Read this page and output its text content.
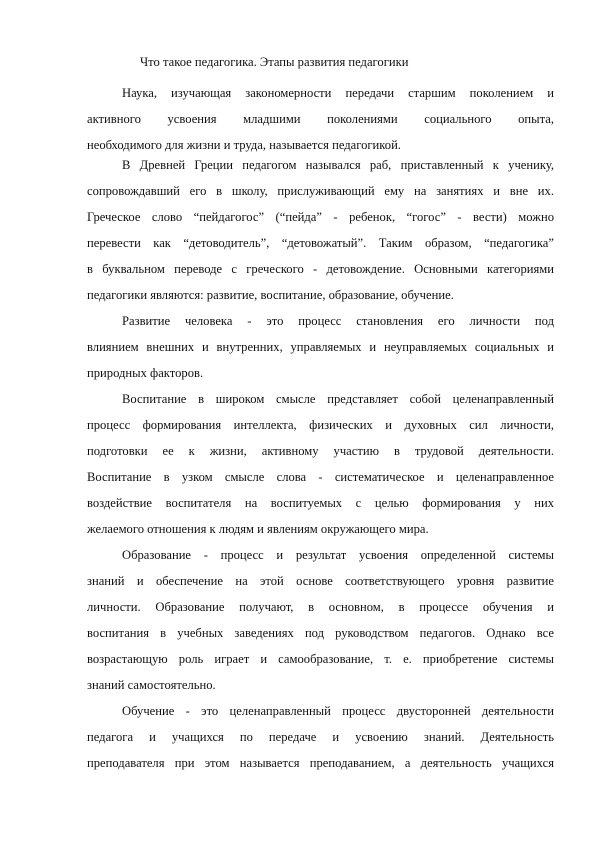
Что такое педагогика. Этапы развития педагогики
Наука, изучающая закономерности передачи старшим поколением и
активного усвоения младшими поколениями социального опыта,
необходимого для жизни и труда, называется педагогикой.
В Древней Греции педагогом назывался раб, приставленный к ученику,
сопровождавший его в школу, прислуживающий ему на занятиях и вне их.
Греческое слово “пейдагогос” (“пейда” - ребенок, “гогос” - вести) можно
перевести как “детоводитель”, “детовожатый”. Таким образом, “педагогика”
в буквальном переводе с греческого - детовождение. Основными категориями
педагогики являются: развитие, воспитание, образование, обучение.
Развитие человека - это процесс становления его личности под
влиянием внешних и внутренних, управляемых и неуправляемых социальных и
природных факторов.
Воспитание в широком смысле представляет собой целенаправленный
процесс формирования интеллекта, физических и духовных сил личности,
подготовки ее к жизни, активному участию в трудовой деятельности.
Воспитание в узком смысле слова - систематическое и целенаправленное
воздействие воспитателя на воспитуемых с целью формирования у них
желаемого отношения к людям и явлениям окружающего мира.
Образование - процесс и результат усвоения определенной системы
знаний и обеспечение на этой основе соответствующего уровня развитие
личности. Образование получают, в основном, в процессе обучения и
воспитания в учебных заведениях под руководством педагогов. Однако все
возрастающую роль играет и самообразование, т. е. приобретение системы
знаний самостоятельно.
Обучение - это целенаправленный процесс двусторонней деятельности
педагога и учащихся по передаче и усвоению знаний. Деятельность
преподавателя при этом называется преподаванием, а деятельность учащихся
